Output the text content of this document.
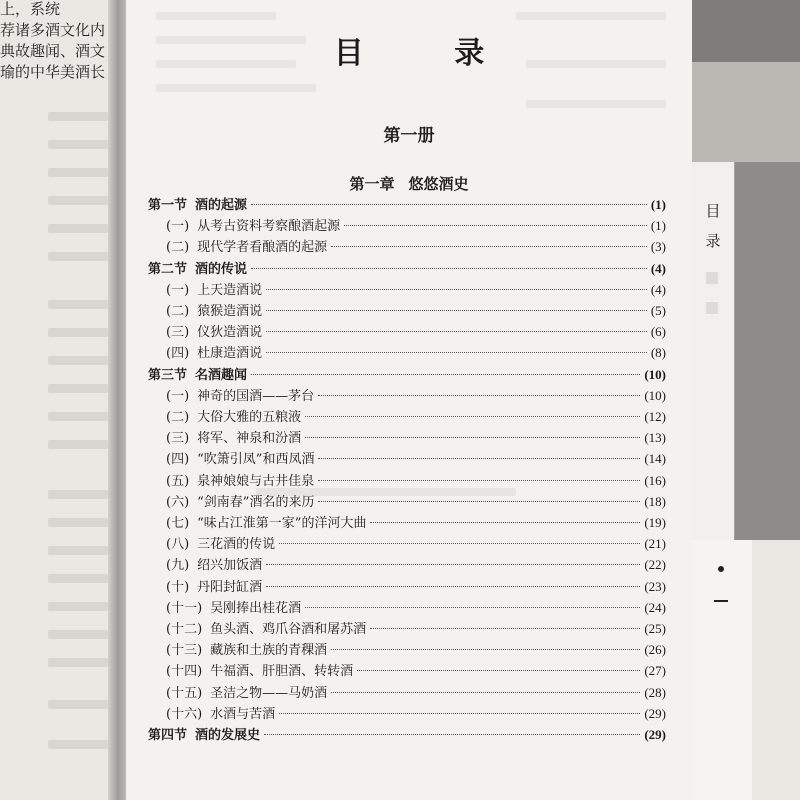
上，系统
荐诸多酒文化内
典故趣闻、酒文
瑜的中华美酒长
目 录
第一册
第一章 悠悠酒史
第一节 酒的起源	(1)
(一) 从考古资料考察酿酒起源	(1)
(二) 现代学者看酿酒的起源	(3)
第二节 酒的传说	(4)
(一) 上天造酒说	(4)
(二) 猿猴造酒说	(5)
(三) 仪狄造酒说	(6)
(四) 杜康造酒说	(8)
第三节 名酒趣闻	(10)
(一) 神奇的国酒——茅台	(10)
(二) 大俗大雅的五粮液	(12)
(三) 将军、神泉和汾酒	(13)
(四) “吹箫引凤”和西凤酒	(14)
(五) 泉神娘娘与古井佳泉	(16)
(六) “剑南春”酒名的来历	(18)
(七) “味占江淮第一家”的洋河大曲	(19)
(八) 三花酒的传说	(21)
(九) 绍兴加饭酒	(22)
(十) 丹阳封缸酒	(23)
(十一) 吴刚捧出桂花酒	(24)
(十二) 鱼头酒、鸡爪谷酒和屠苏酒	(25)
(十三) 藏族和土族的青稞酒	(26)
(十四) 牛福酒、肝胆酒、转转酒	(27)
(十五) 圣洁之物——马奶酒	(28)
(十六) 水酒与苦酒	(29)
第四节 酒的发展史	(29)
目
录
